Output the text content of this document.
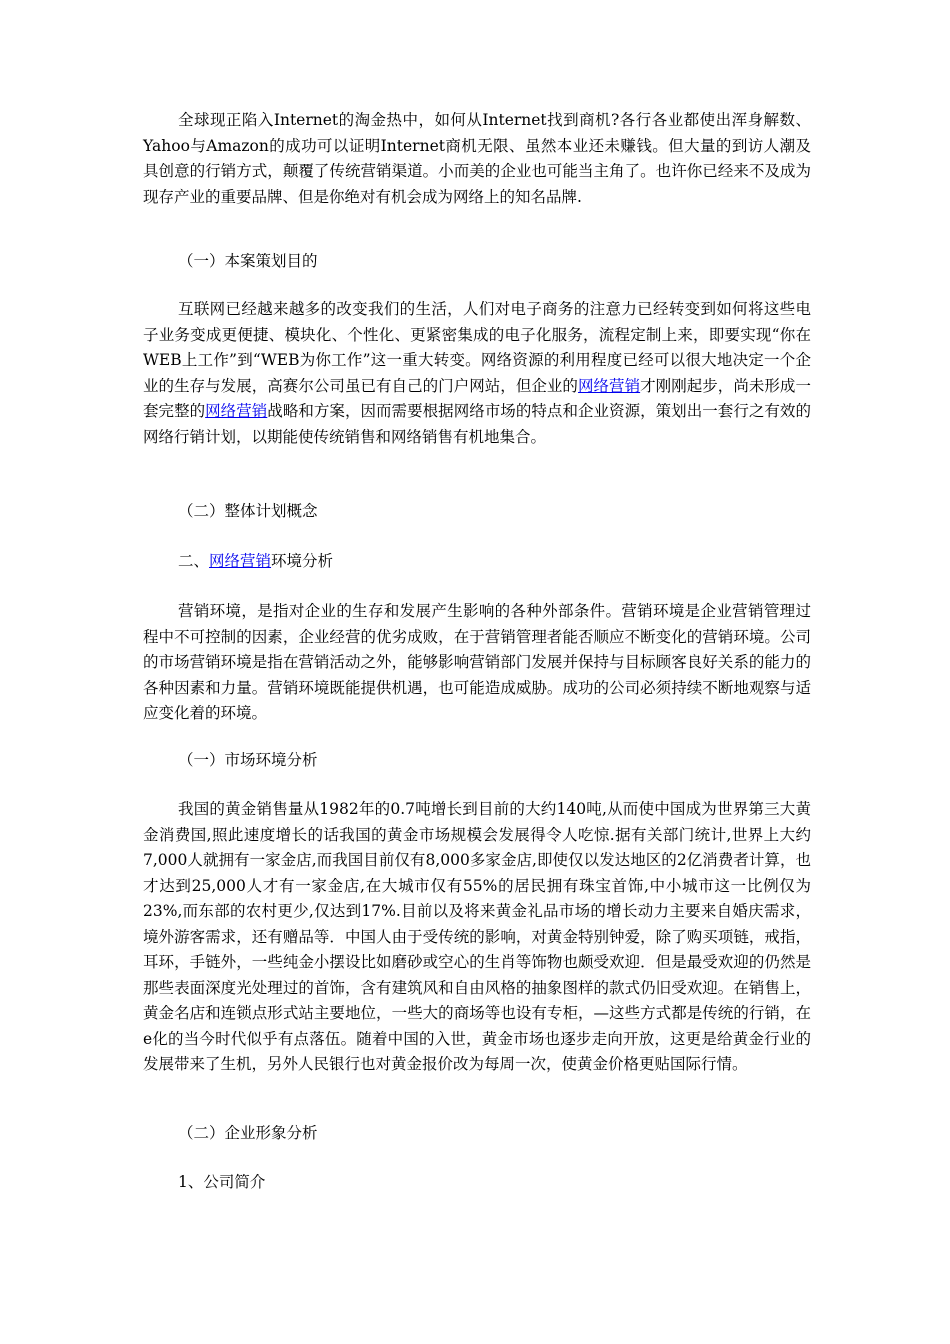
全球现正陷入Internet的淘金热中，如何从Internet找到商机?各行各业都使出浑身解数、Yahoo与Amazon的成功可以证明Internet商机无限、虽然本业还未赚钱。但大量的到访人潮及具创意的行销方式，颠覆了传统营销渠道。小而美的企业也可能当主角了。也许你已经来不及成为现存产业的重要品牌、但是你绝对有机会成为网络上的知名品牌.

（一）本案策划目的

互联网已经越来越多的改变我们的生活，人们对电子商务的注意力已经转变到如何将这些电子业务变成更便捷、模块化、个性化、更紧密集成的电子化服务，流程定制上来，即要实现“你在WEB上工作”到“WEB为你工作”这一重大转变。网络资源的利用程度已经可以很大地决定一个企业的生存与发展，高赛尔公司虽已有自己的门户网站，但企业的网络营销才刚刚起步，尚未形成一套完整的网络营销战略和方案，因而需要根据网络市场的特点和企业资源，策划出一套行之有效的网络行销计划，以期能使传统销售和网络销售有机地集合。

（二）整体计划概念
二、网络营销环境分析

营销环境，是指对企业的生存和发展产生影响的各种外部条件。营销环境是企业营销管理过程中不可控制的因素，企业经营的优劣成败，在于营销管理者能否顺应不断变化的营销环境。公司的市场营销环境是指在营销活动之外，能够影响营销部门发展并保持与目标顾客良好关系的能力的各种因素和力量。营销环境既能提供机遇，也可能造成威胁。成功的公司必须持续不断地观察与适应变化着的环境。

（一）市场环境分析

我国的黄金销售量从1982年的0.7吨增长到目前的大约140吨,从而使中国成为世界第三大黄金消费国,照此速度增长的话我国的黄金市场规模会发展得令人吃惊.据有关部门统计,世界上大约7,000人就拥有一家金店,而我国目前仅有8,000多家金店,即使仅以发达地区的2亿消费者计算，也才达到25,000人才有一家金店,在大城市仅有55%的居民拥有珠宝首饰,中小城市这一比例仅为23%,而东部的农村更少,仅达到17%.目前以及将来黄金礼品市场的增长动力主要来自婚庆需求，境外游客需求，还有赠品等．中国人由于受传统的影响，对黄金特别钟爱，除了购买项链，戒指，耳环，手链外，一些纯金小摆设比如磨砂或空心的生肖等饰物也颇受欢迎．但是最受欢迎的仍然是那些表面深度光处理过的首饰，含有建筑风和自由风格的抽象图样的款式仍旧受欢迎。在销售上，黄金名店和连锁点形式站主要地位，一些大的商场等也设有专柜，—这些方式都是传统的行销，在e化的当今时代似乎有点落伍。随着中国的入世，黄金市场也逐步走向开放，这更是给黄金行业的发展带来了生机，另外人民银行也对黄金报价改为每周一次，使黄金价格更贴国际行情。

（二）企业形象分析
1、公司简介
